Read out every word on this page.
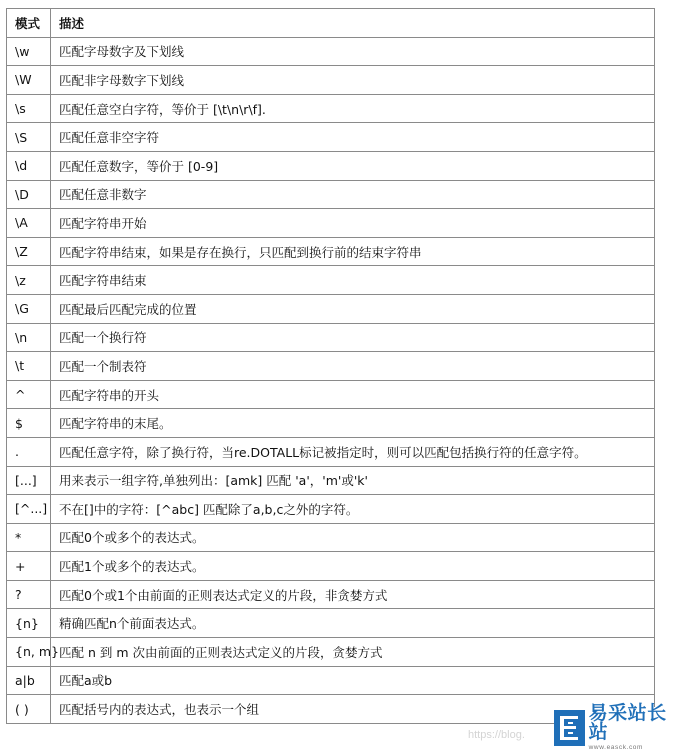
模式	描述
\w	匹配字母数字及下划线
\W	匹配非字母数字下划线
\s	匹配任意空白字符，等价于 [\t\n\r\f].
\S	匹配任意非空字符
\d	匹配任意数字，等价于 [0-9]
\D	匹配任意非数字
\A	匹配字符串开始
\Z	匹配字符串结束，如果是存在换行，只匹配到换行前的结束字符串
\z	匹配字符串结束
\G	匹配最后匹配完成的位置
\n	匹配一个换行符
\t	匹配一个制表符
^	匹配字符串的开头
$	匹配字符串的末尾。
.	匹配任意字符，除了换行符，当re.DOTALL标记被指定时，则可以匹配包括换行符的任意字符。
[...]	用来表示一组字符,单独列出：[amk] 匹配 'a'，'m'或'k'
[^...]	不在[]中的字符：[^abc] 匹配除了a,b,c之外的字符。
*	匹配0个或多个的表达式。
+	匹配1个或多个的表达式。
?	匹配0个或1个由前面的正则表达式定义的片段，非贪婪方式
{n}	精确匹配n个前面表达式。
{n, m}	匹配 n 到 m 次由前面的正则表达式定义的片段，贪婪方式
a|b	匹配a或b
( )	匹配括号内的表达式，也表示一个组
https://blog.
易采站长站
www.easck.com
